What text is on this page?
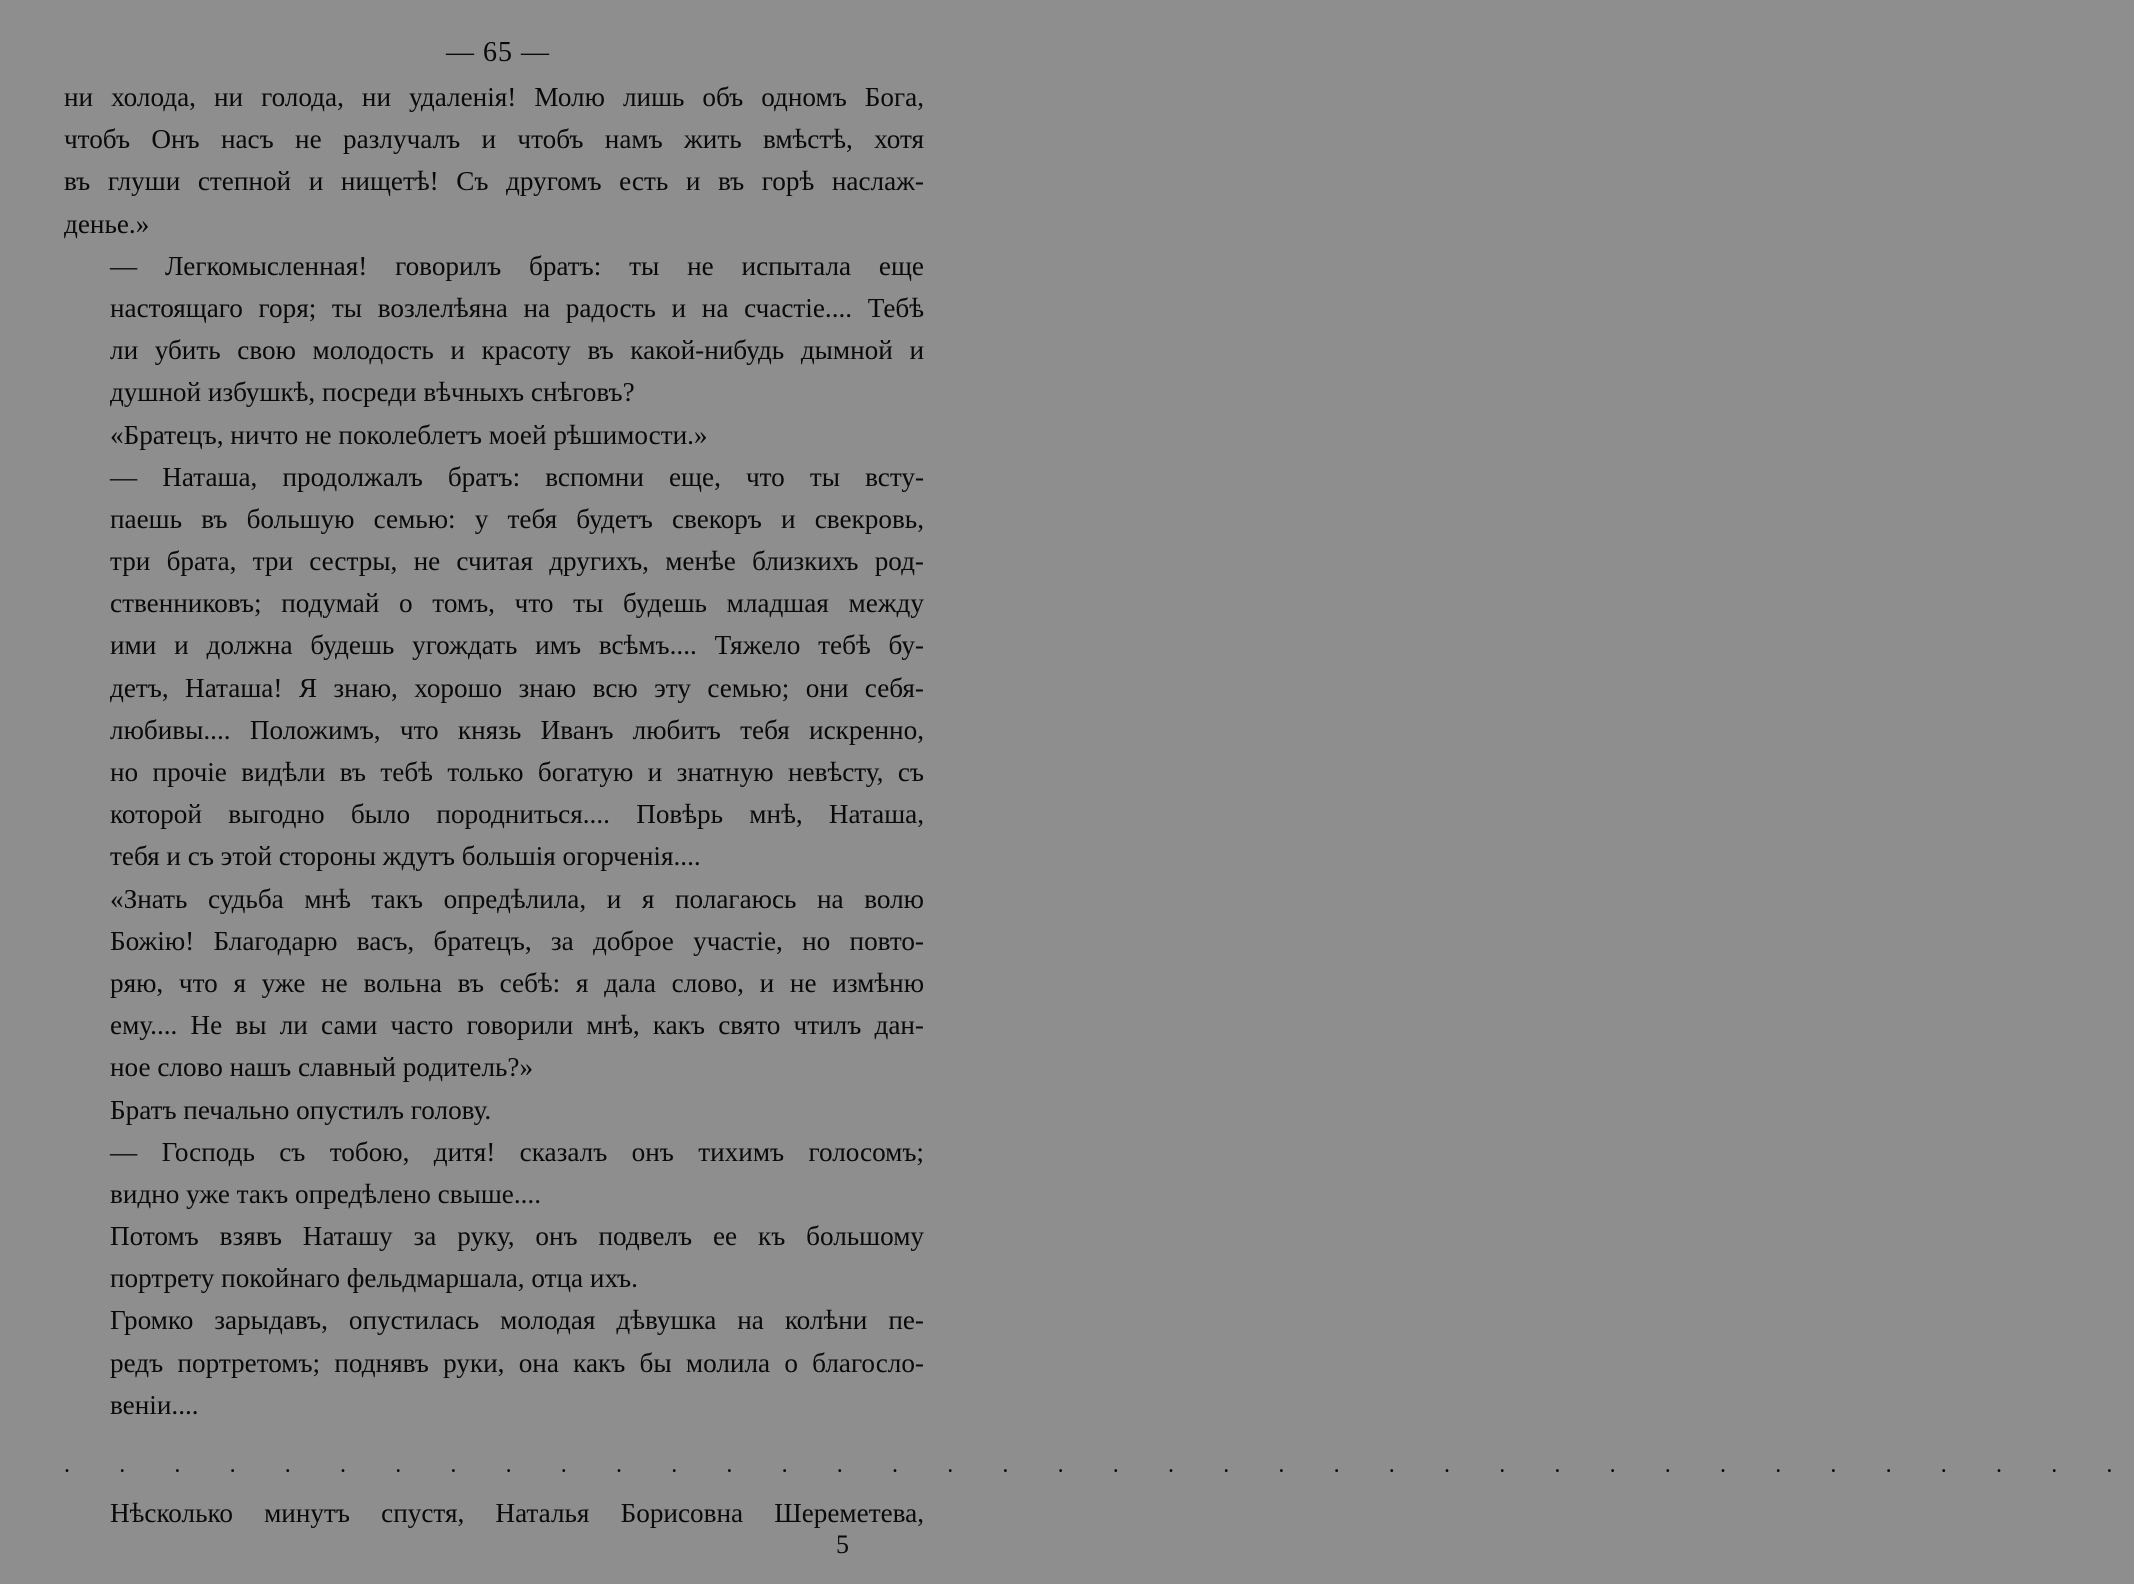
— 65 —
ни холода, ни голода, ни удаленія! Молю лишь объ одномъ Бога,
чтобъ Онъ насъ не разлучалъ и чтобъ намъ жить вмѣстѣ, хотя
въ глуши степной и нищетѣ! Съ другомъ есть и въ горѣ наслаж-
денье.»
— Легкомысленная! говорилъ братъ: ты не испытала еще
настоящаго горя; ты возлелѣяна на радость и на счастіе.... Тебѣ
ли убить свою молодость и красоту въ какой-нибудь дымной и
душной избушкѣ, посреди вѣчныхъ снѣговъ?
«Братецъ, ничто не поколеблетъ моей рѣшимости.»
— Наташа, продолжалъ братъ: вспомни еще, что ты всту-
паешь въ большую семью: у тебя будетъ свекоръ и свекровь,
три брата, три сестры, не считая другихъ, менѣе близкихъ род-
ственниковъ; подумай о томъ, что ты будешь младшая между
ими и должна будешь угождать имъ всѣмъ.... Тяжело тебѣ бу-
детъ, Наташа! Я знаю, хорошо знаю всю эту семью; они себя-
любивы.... Положимъ, что князь Иванъ любитъ тебя искренно,
но прочіе видѣли въ тебѣ только богатую и знатную невѣсту, съ
которой выгодно было породниться.... Повѣрь мнѣ, Наташа,
тебя и съ этой стороны ждутъ большія огорченія....
«Знать судьба мнѣ такъ опредѣлила, и я полагаюсь на волю
Божію! Благодарю васъ, братецъ, за доброе участіе, но повто-
ряю, что я уже не вольна въ себѣ: я дала слово, и не измѣню
ему.... Не вы ли сами часто говорили мнѣ, какъ свято чтилъ дан-
ное слово нашъ славный родитель?»
Братъ печально опустилъ голову.
— Господь съ тобою, дитя! сказалъ онъ тихимъ голосомъ;
видно уже такъ опредѣлено свыше....
Потомъ взявъ Наташу за руку, онъ подвелъ ее къ большому
портрету покойнаго фельдмаршала, отца ихъ.
Громко зарыдавъ, опустилась молодая дѣвушка на колѣни пе-
редъ портретомъ; поднявъ руки, она какъ бы молила о благосло-
веніи....
. . . . . . . . . . . . . . . . . . . . . . . . . . . . . . . . . . . . . .
Нѣсколько минутъ спустя, Наталья Борисовна Шереметева,
5
